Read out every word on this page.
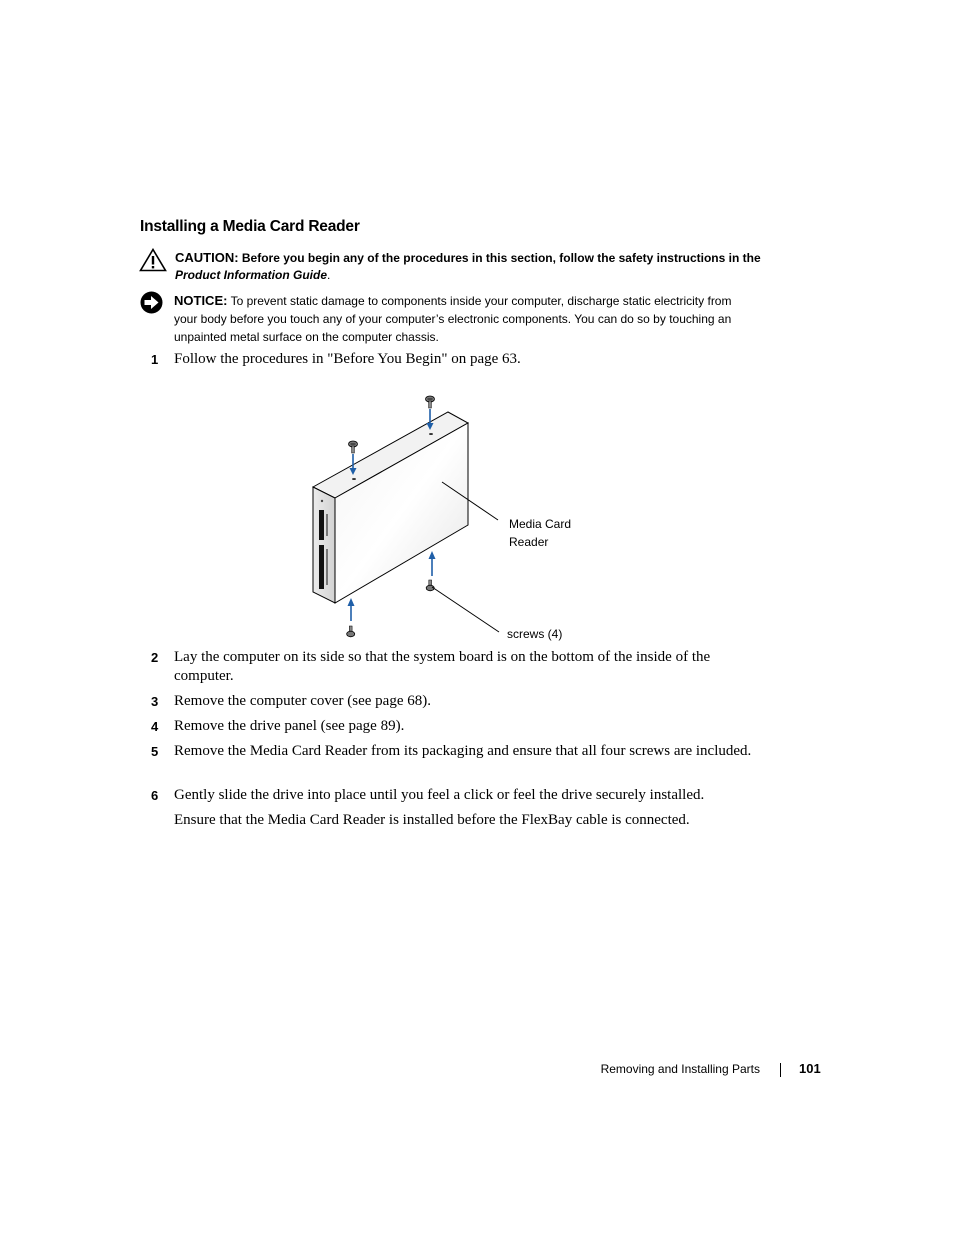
Installing a Media Card Reader
CAUTION: Before you begin any of the procedures in this section, follow the safety instructions in the
Product Information Guide.
NOTICE: To prevent static damage to components inside your computer, discharge static electricity from your body before you touch any of your computer’s electronic components. You can do so by touching an unpainted metal surface on the computer chassis.
1 Follow the procedures in "Before You Begin" on page 63.
Media Card
Reader
screws (4)
2 Lay the computer on its side so that the system board is on the bottom of the inside of the computer.
3 Remove the computer cover (see page 68).
4 Remove the drive panel (see page 89).
5 Remove the Media Card Reader from its packaging and ensure that all four screws are included.
6 Gently slide the drive into place until you feel a click or feel the drive securely installed.
Ensure that the Media Card Reader is installed before the FlexBay cable is connected.
Removing and Installing Parts	101
